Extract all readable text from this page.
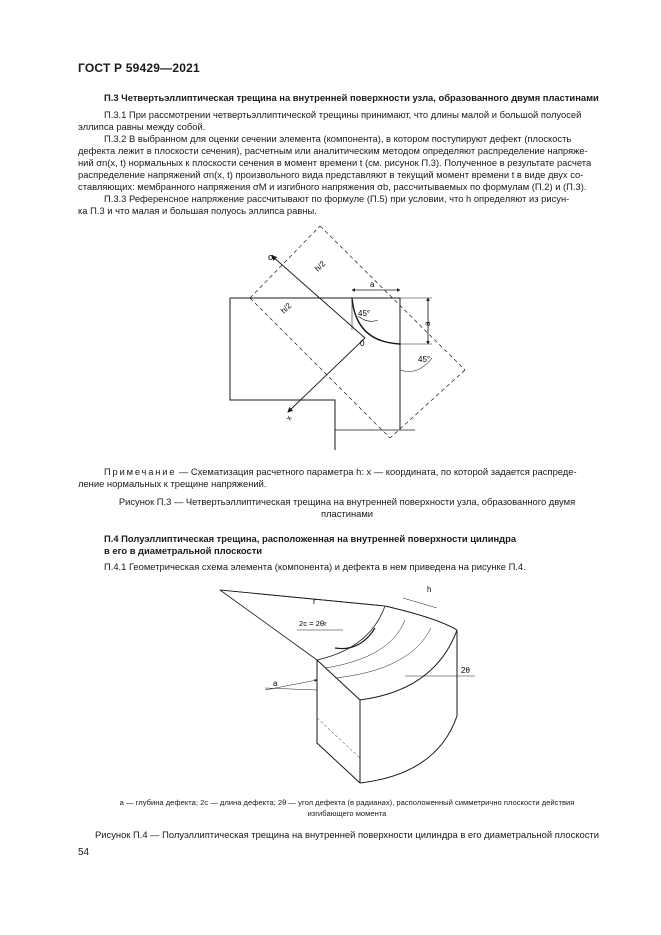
ГОСТ Р 59429—2021
П.3 Четвертьэллиптическая трещина на внутренней поверхности узла, образованного двумя пластинами
П.3.1 При рассмотрении четвертьэллиптической трещины принимают, что длины малой и большой полуосей
эллипса равны между собой.
П.3.2 В выбранном для оценки сечении элемента (компонента), в котором поступируют дефект (плоскость
дефекта лежит в плоскости сечения), расчетным или аналитическим методом определяют распределение напряже-
ний σn(x, t) нормальных к плоскости сечения в момент времени t (см. рисунок П.3). Полученное в результате расчета
распределение напряжений σn(x, t) произвольного вида представляют в текущий момент времени t в виде двух со-
ставляющих: мембранного напряжения σM и изгибного напряжения σb, рассчитываемых по формулам (П.2) и (П.3).
П.3.3 Референсное напряжение рассчитывают по формуле (П.5) при условии, что h определяют из рисун-
ка П.3 и что малая и большая полуось эллипса равны.
σ
x
h/2
h/2	45°
0
a
a
45°
Примечание — Схематизация расчетного параметра h: x — координата, по которой задается распреде-
ление нормальных к трещине напряжений.
Рисунок П.3 — Четвертьэллиптическая трещина на внутренней поверхности узла, образованного двумя
пластинами
П.4 Полуэллиптическая трещина, расположенная на внутренней поверхности цилиндра
в его в диаметральной плоскости
П.4.1 Геометрическая схема элемента (компонента) и дефекта в нем приведена на рисунке П.4.
r
h
2c = 2θr
a
2θ
a — глубина дефекта; 2c — длина дефекта; 2θ — угол дефекта (в радианах), расположенный симметрично плоскости действия
изгибающего момента
Рисунок П.4 — Полуэллиптическая трещина на внутренней поверхности цилиндра в его диаметральной плоскости
54
